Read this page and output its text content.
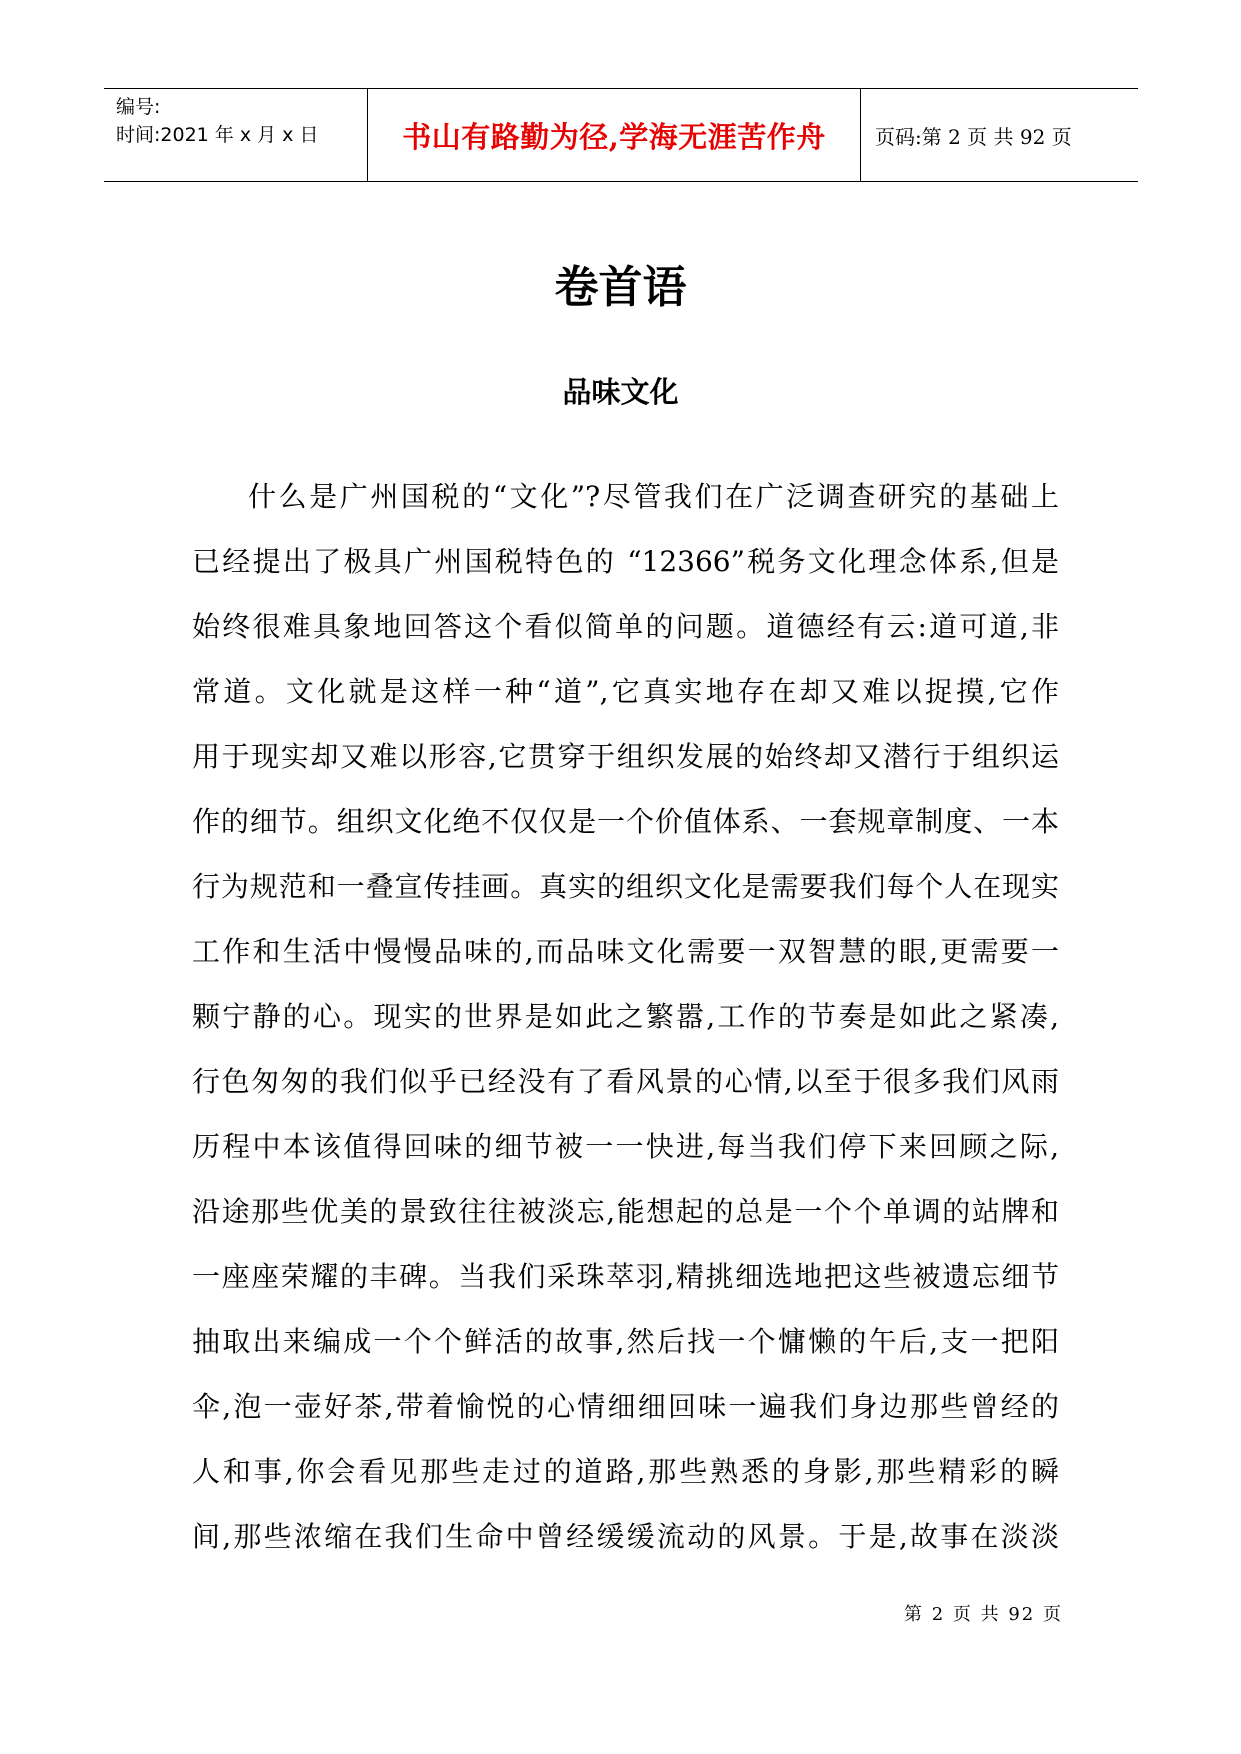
编号:
时间:2021 年 x 月 x 日	书山有路勤为径,学海无涯苦作舟	页码:第 2 页 共 92 页
卷首语
品味文化
什么是广州国税的“文化”?尽管我们在广泛调查研究的基础上
已经提出了极具广州国税特色的 “12366”税务文化理念体系,但是
始终很难具象地回答这个看似简单的问题。道德经有云:道可道,非
常道。文化就是这样一种“道”,它真实地存在却又难以捉摸,它作
用于现实却又难以形容,它贯穿于组织发展的始终却又潜行于组织运
作的细节。组织文化绝不仅仅是一个价值体系、一套规章制度、一本
行为规范和一叠宣传挂画。真实的组织文化是需要我们每个人在现实
工作和生活中慢慢品味的,而品味文化需要一双智慧的眼,更需要一
颗宁静的心。现实的世界是如此之繁嚣,工作的节奏是如此之紧凑,
行色匆匆的我们似乎已经没有了看风景的心情,以至于很多我们风雨
历程中本该值得回味的细节被一一快进,每当我们停下来回顾之际,
沿途那些优美的景致往往被淡忘,能想起的总是一个个单调的站牌和
一座座荣耀的丰碑。当我们采珠萃羽,精挑细选地把这些被遗忘细节
抽取出来编成一个个鲜活的故事,然后找一个慵懒的午后,支一把阳
伞,泡一壶好茶,带着愉悦的心情细细回味一遍我们身边那些曾经的
人和事,你会看见那些走过的道路,那些熟悉的身影,那些精彩的瞬
间,那些浓缩在我们生命中曾经缓缓流动的风景。于是,故事在淡淡
第 2 页 共 92 页
